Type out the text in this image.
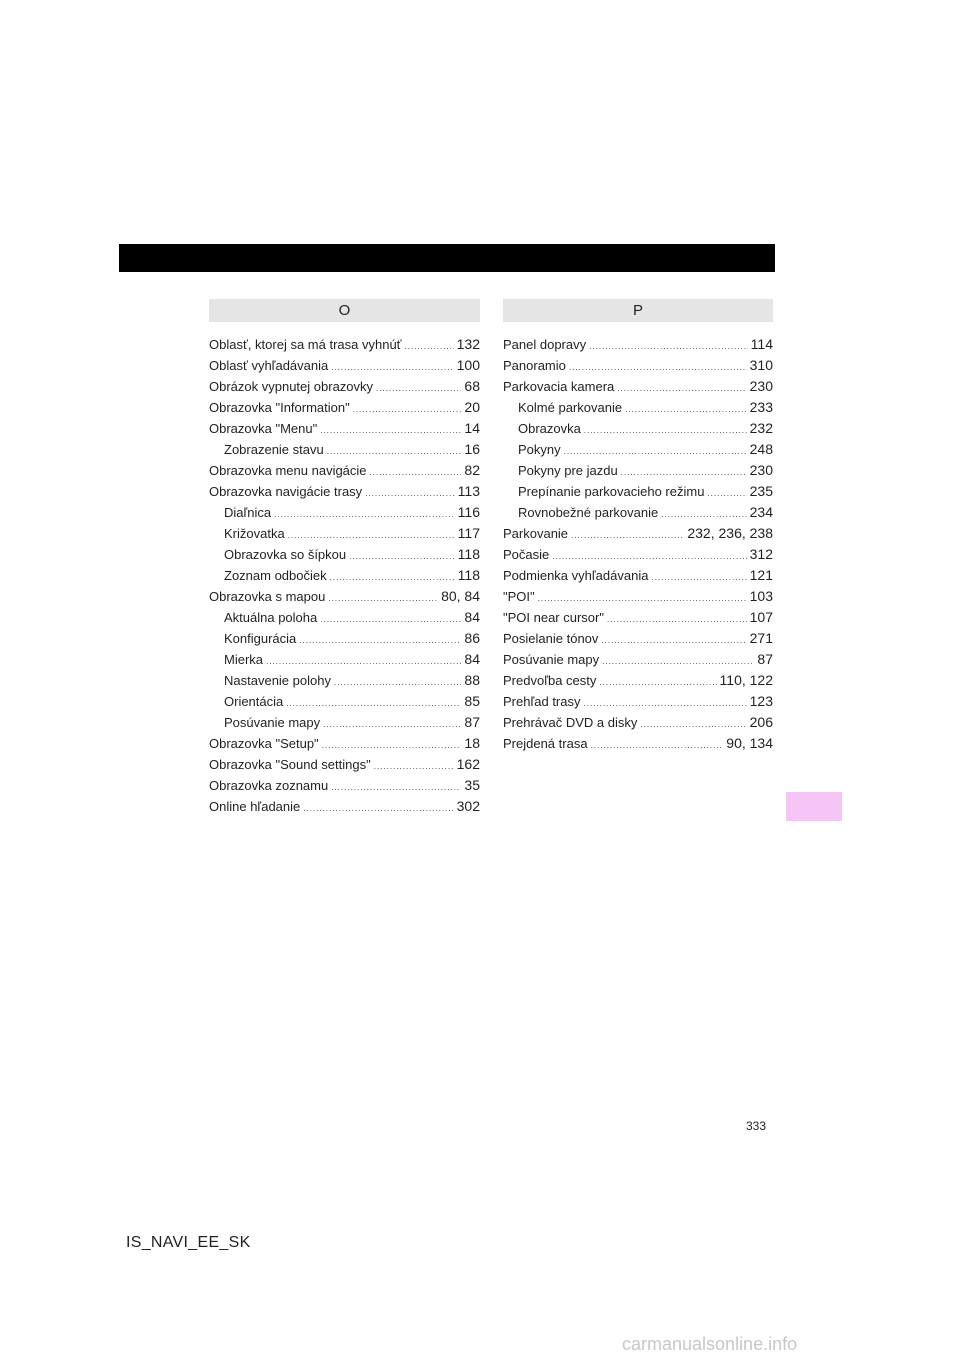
O
Oblasť, ktorej sa má trasa vyhnúť .....	132
Oblasť vyhľadávania .....	100
Obrázok vypnutej obrazovky .....	68
Obrazovka "Information" .....	20
Obrazovka "Menu" .....	14
Zobrazenie stavu .....	16
Obrazovka menu navigácie .....	82
Obrazovka navigácie trasy .....	113
Diaľnica .....	116
Križovatka .....	117
Obrazovka so šípkou .....	118
Zoznam odbočiek .....	118
Obrazovka s mapou .....	80, 84
Aktuálna poloha .....	84
Konfigurácia .....	86
Mierka .....	84
Nastavenie polohy .....	88
Orientácia .....	85
Posúvanie mapy .....	87
Obrazovka "Setup" .....	18
Obrazovka "Sound settings" .....	162
Obrazovka zoznamu .....	35
Online hľadanie .....	302
P
Panel dopravy .....	114
Panoramio .....	310
Parkovacia kamera .....	230
Kolmé parkovanie .....	233
Obrazovka .....	232
Pokyny .....	248
Pokyny pre jazdu .....	230
Prepínanie parkovacieho režimu .....	235
Rovnobežné parkovanie .....	234
Parkovanie .....	232, 236, 238
Počasie .....	312
Podmienka vyhľadávania .....	121
"POI" .....	103
"POI near cursor" .....	107
Posielanie tónov .....	271
Posúvanie mapy .....	87
Predvoľba cesty .....	110, 122
Prehľad trasy .....	123
Prehrávač DVD a disky .....	206
Prejdená trasa .....	90, 134
333
IS_NAVI_EE_SK
carmanualsonline.info
